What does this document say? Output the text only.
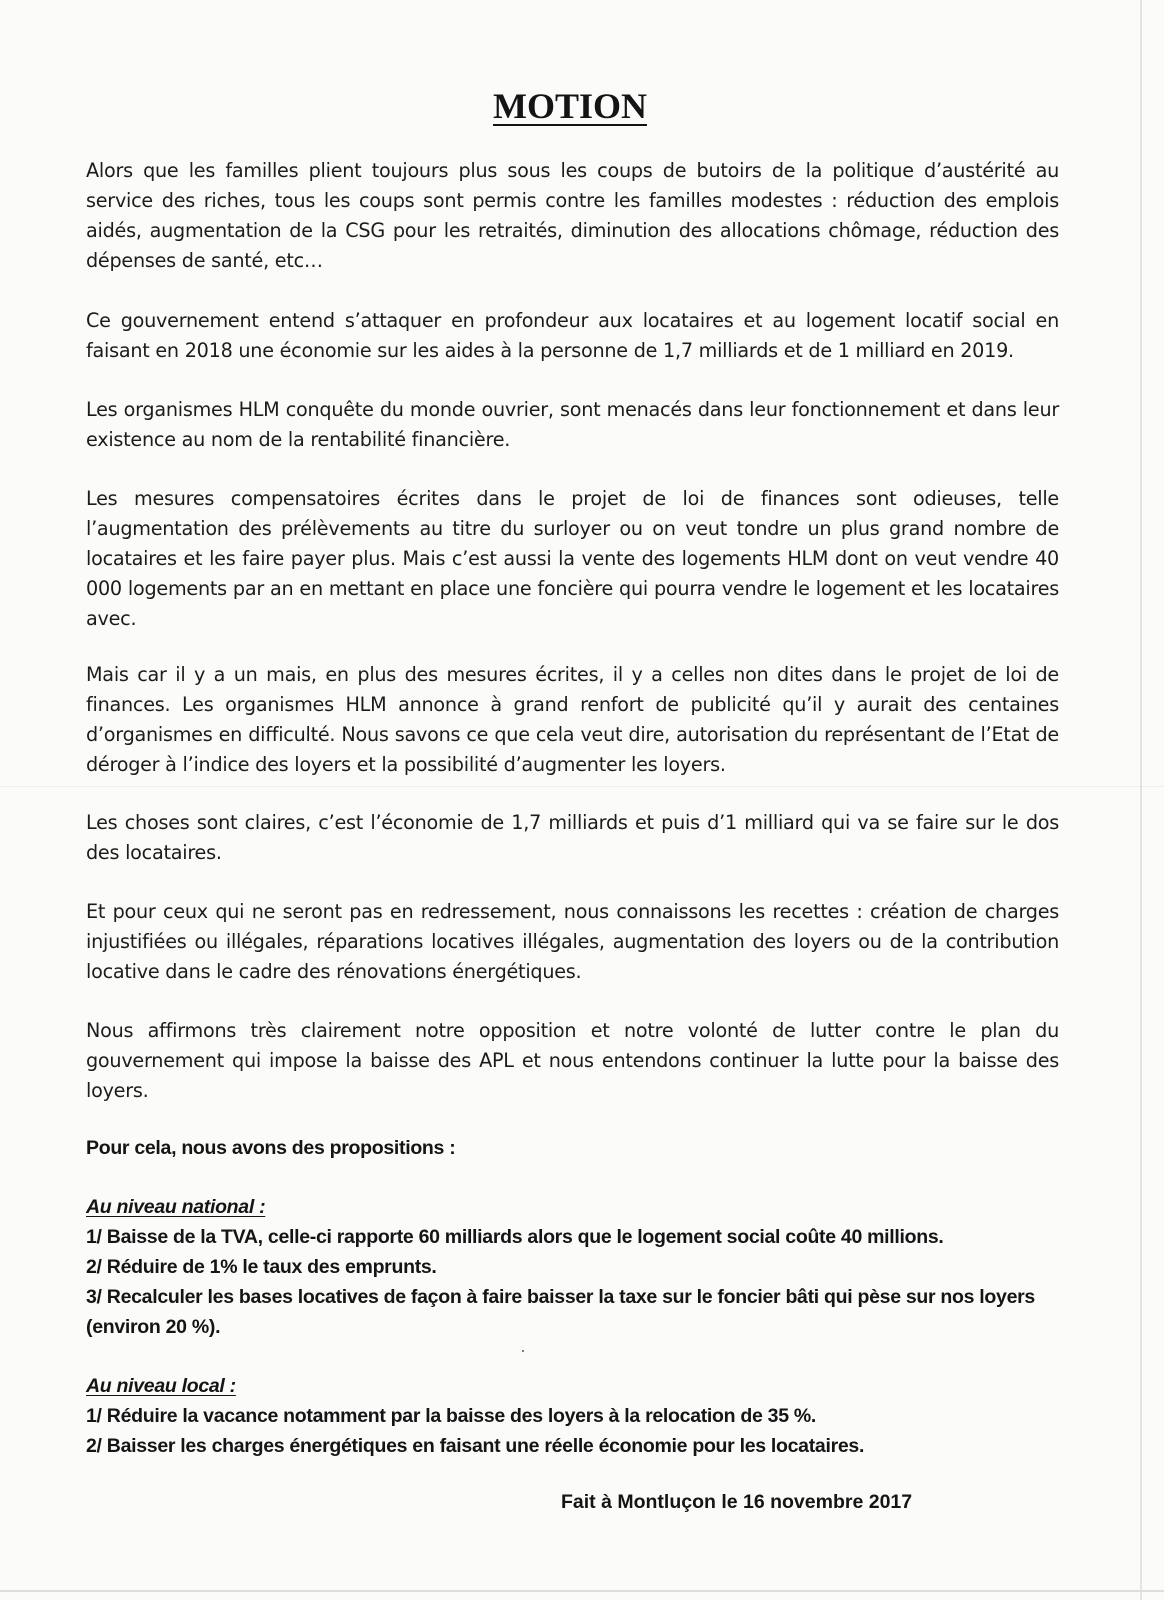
MOTION

Alors que les familles plient toujours plus sous les coups de butoirs de la politique d’austérité au service des riches, tous les coups sont permis contre les familles modestes : réduction des emplois aidés, augmentation de la CSG pour les retraités, diminution des allocations chômage, réduction des dépenses de santé, etc…

Ce gouvernement entend s’attaquer en profondeur aux locataires et au logement locatif social en faisant en 2018 une économie sur les aides à la personne de 1,7 milliards et de 1 milliard en 2019.

Les organismes HLM conquête du monde ouvrier, sont menacés dans leur fonctionnement et dans leur existence au nom de la rentabilité financière.

Les mesures compensatoires écrites dans le projet de loi de finances sont odieuses, telle l’augmentation des prélèvements au titre du surloyer ou on veut tondre un plus grand nombre de locataires et les faire payer plus. Mais c’est aussi la vente des logements HLM dont on veut vendre 40 000 logements par an en mettant en place une foncière qui pourra vendre le logement et les locataires avec.

Mais car il y a un mais, en plus des mesures écrites, il y a celles non dites dans le projet de loi de finances. Les organismes HLM annonce à grand renfort de publicité qu’il y aurait des centaines d’organismes en difficulté. Nous savons ce que cela veut dire, autorisation du représentant de l’Etat de déroger à l’indice des loyers et la possibilité d’augmenter les loyers.

Les choses sont claires, c’est l’économie de 1,7 milliards et puis d’1 milliard qui va se faire sur le dos des locataires.

Et pour ceux qui ne seront pas en redressement, nous connaissons les recettes : création de charges injustifiées ou illégales, réparations locatives illégales, augmentation des loyers ou de la contribution locative dans le cadre des rénovations énergétiques.

Nous affirmons très clairement notre opposition et notre volonté de lutter contre le plan du gouvernement qui impose la baisse des APL et nous entendons continuer la lutte pour la baisse des loyers.

Pour cela, nous avons des propositions :

Au niveau national :

1/ Baisse de la TVA, celle-ci rapporte 60 milliards alors que le logement social coûte 40 millions.

2/ Réduire de 1% le taux des emprunts.

3/ Recalculer les bases locatives de façon à faire baisser la taxe sur le foncier bâti qui pèse sur nos loyers (environ 20 %).

Au niveau local :

1/ Réduire la vacance notamment par la baisse des loyers à la relocation de 35 %.

2/ Baisser les charges énergétiques en faisant une réelle économie pour les locataires.

Fait à Montluçon le 16 novembre 2017
